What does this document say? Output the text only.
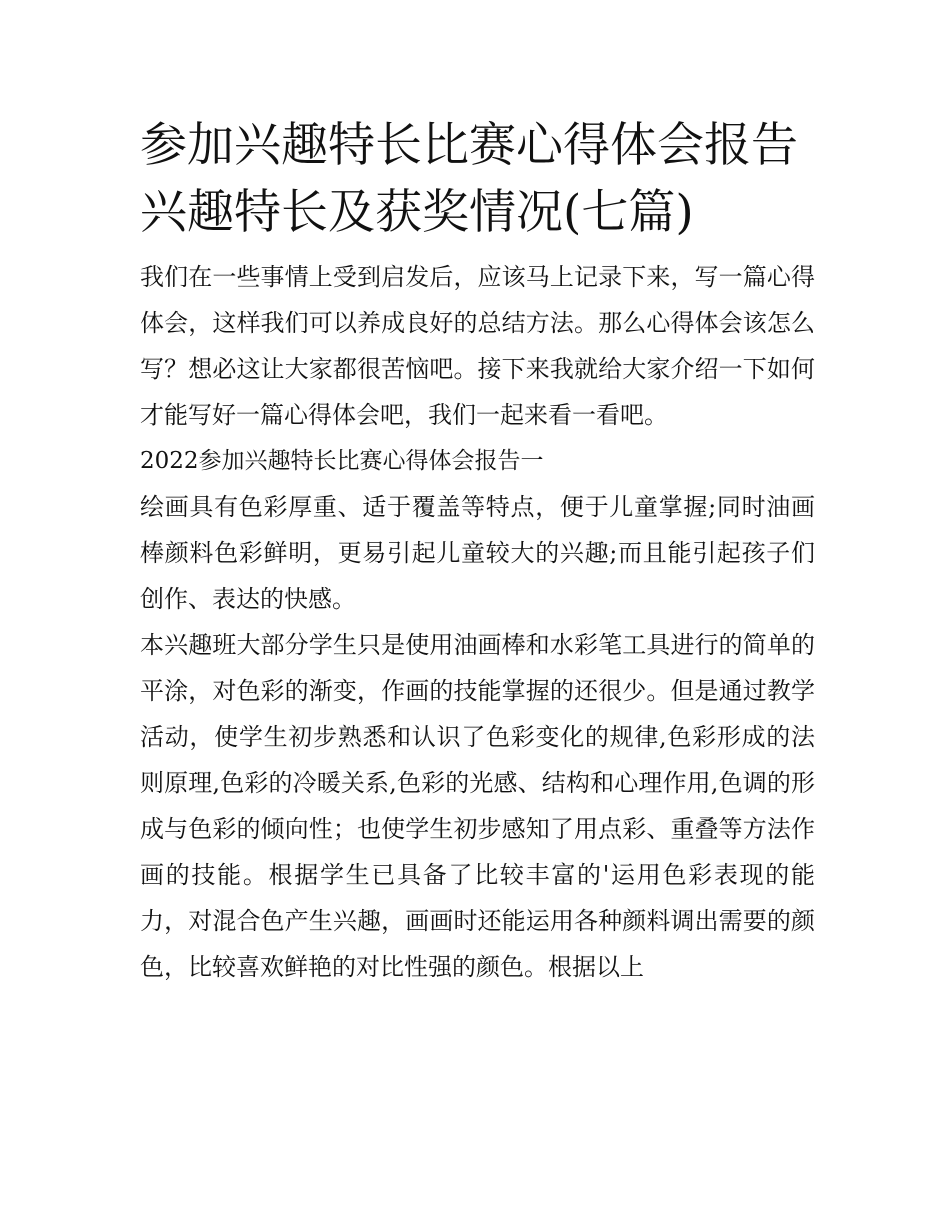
参加兴趣特长比赛心得体会报告 兴趣特长及获奖情况(七篇)

我们在一些事情上受到启发后，应该马上记录下来，写一篇心得体会，这样我们可以养成良好的总结方法。那么心得体会该怎么写？想必这让大家都很苦恼吧。接下来我就给大家介绍一下如何才能写好一篇心得体会吧，我们一起来看一看吧。

2022参加兴趣特长比赛心得体会报告一

绘画具有色彩厚重、适于覆盖等特点，便于儿童掌握;同时油画棒颜料色彩鲜明，更易引起儿童较大的兴趣;而且能引起孩子们创作、表达的快感。

本兴趣班大部分学生只是使用油画棒和水彩笔工具进行的简单的平涂，对色彩的渐变，作画的技能掌握的还很少。但是通过教学活动，使学生初步熟悉和认识了色彩变化的规律,色彩形成的法则原理,色彩的冷暖关系,色彩的光感、结构和心理作用,色调的形成与色彩的倾向性；也使学生初步感知了用点彩、重叠等方法作画的技能。根据学生已具备了比较丰富的'运用色彩表现的能力，对混合色产生兴趣，画画时还能运用各种颜料调出需要的颜色，比较喜欢鲜艳的对比性强的颜色。根据以上
